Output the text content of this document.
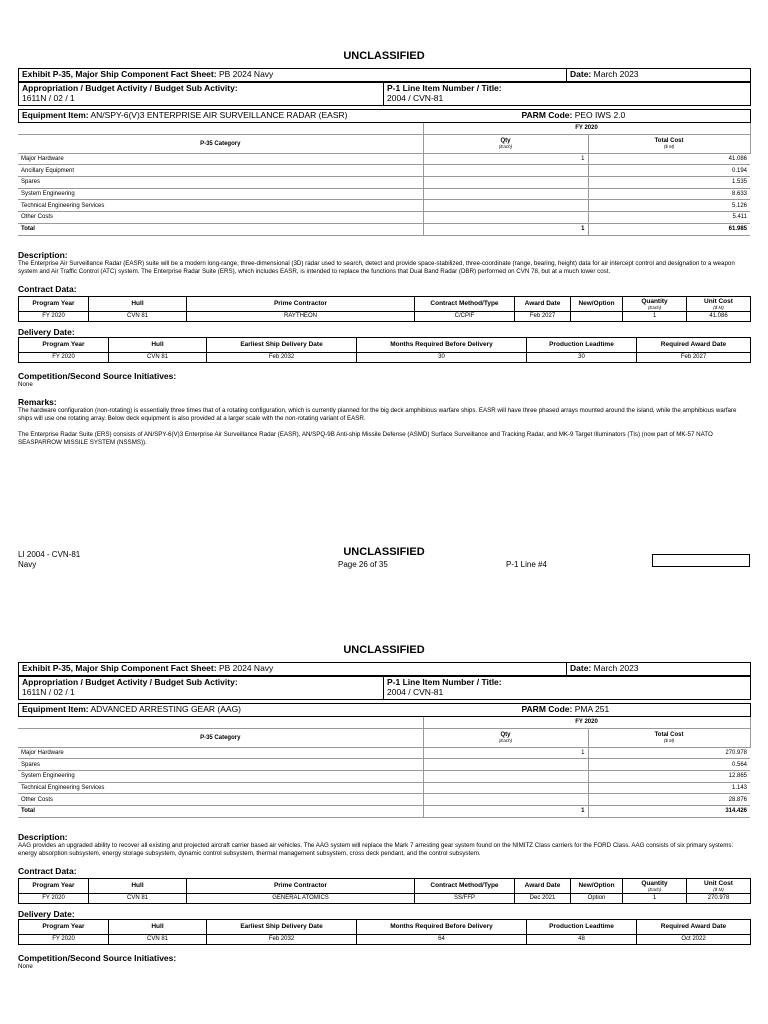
UNCLASSIFIED
Exhibit P-35, Major Ship Component Fact Sheet: PB 2024 Navy	Date: March 2023
Appropriation / Budget Activity / Budget Sub Activity:
1611N / 02 / 1	P-1 Line Item Number / Title:
2004 / CVN-81
Equipment Item: AN/SPY-6(V)3 ENTERPRISE AIR SURVEILLANCE RADAR (EASR)	PARM Code: PEO IWS 2.0
	FY 2020	
P-35 Category	Qty
(Each)	Total Cost
($ M)

Major Hardware	1	41.086
Ancillary Equipment		0.194
Spares		1.535
System Engineering		8.633
Technical Engineering Services		5.126
Other Costs		5.411
Total	1	61.985
Description:
The Enterprise Air Surveillance Radar (EASR) suite will be a modern long-range, three-dimensional (3D) radar used to search, detect and provide space-stabilized, three-coordinate (range, bearing, height) data for air intercept control and designation to a weapon system and Air Traffic Control (ATC) system. The Enterprise Radar Suite (ERS), which includes EASR, is intended to replace the functions that Dual Band Radar (DBR) performed on CVN 78, but at a much lower cost.
Contract Data:
Program Year	Hull	Prime Contractor	Contract Method/Type	Award Date	New/Option	Quantity
(Each)	Unit Cost
($ M)

FY 2020	CVN 81	RAYTHEON	C/CPIF	Feb 2027		1	41.086
Delivery Date:
Program Year	Hull	Earliest Ship Delivery Date	Months Required Before Delivery	Production Leadtime	Required Award Date
FY 2020	CVN 81	Feb 2032	30	30	Feb 2027
Competition/Second Source Initiatives:
None
Remarks:
The hardware configuration (non-rotating) is essentially three times that of a rotating configuration, which is currently planned for the big deck amphibious warfare ships. EASR will have three phased arrays mounted around the island, while the amphibious warfare ships will use one rotating array. Below deck equipment is also provided at a larger scale with the non-rotating variant of EASR.
The Enterprise Radar Suite (ERS) consists of AN/SPY-6(V)3 Enterprise Air Surveillance Radar (EASR), AN/SPQ-9B Anti-ship Missile Defense (ASMD) Surface Surveillance and Tracking Radar, and MK-9 Target Illuminators (TIs) (now part of MK-57 NATO SEASPARROW MISSILE SYSTEM (NSSMS)).
LI 2004 - CVN-81
Navy
UNCLASSIFIED
Page 26 of 35	P-1 Line #4
UNCLASSIFIED
Exhibit P-35, Major Ship Component Fact Sheet: PB 2024 Navy	Date: March 2023
Appropriation / Budget Activity / Budget Sub Activity:
1611N / 02 / 1	P-1 Line Item Number / Title:
2004 / CVN-81
Equipment Item: ADVANCED ARRESTING GEAR (AAG)	PARM Code: PMA 251
	FY 2020	
P-35 Category	Qty
(Each)	Total Cost
($ M)

Major Hardware	1	270.978
Spares		0.564
System Engineering		12.865
Technical Engineering Services		1.143
Other Costs		28.876
Total	1	314.426
Description:
AAG provides an upgraded ability to recover all existing and projected aircraft carrier based air vehicles. The AAG system will replace the Mark 7 arresting gear system found on the NIMITZ Class carriers for the FORD Class. AAG consists of six primary systems: energy absorption subsystem, energy storage subsystem, dynamic control subsystem, thermal management subsystem, cross deck pendant, and the control subsystem.
Contract Data:
Program Year	Hull	Prime Contractor	Contract Method/Type	Award Date	New/Option	Quantity
(Each)	Unit Cost
($ M)

FY 2020	CVN 81	GENERAL ATOMICS	SS/FFP	Dec 2021	Option	1	270.978
Delivery Date:
Program Year	Hull	Earliest Ship Delivery Date	Months Required Before Delivery	Production Leadtime	Required Award Date
FY 2020	CVN 81	Feb 2032	64	48	Oct 2022
Competition/Second Source Initiatives:
None
